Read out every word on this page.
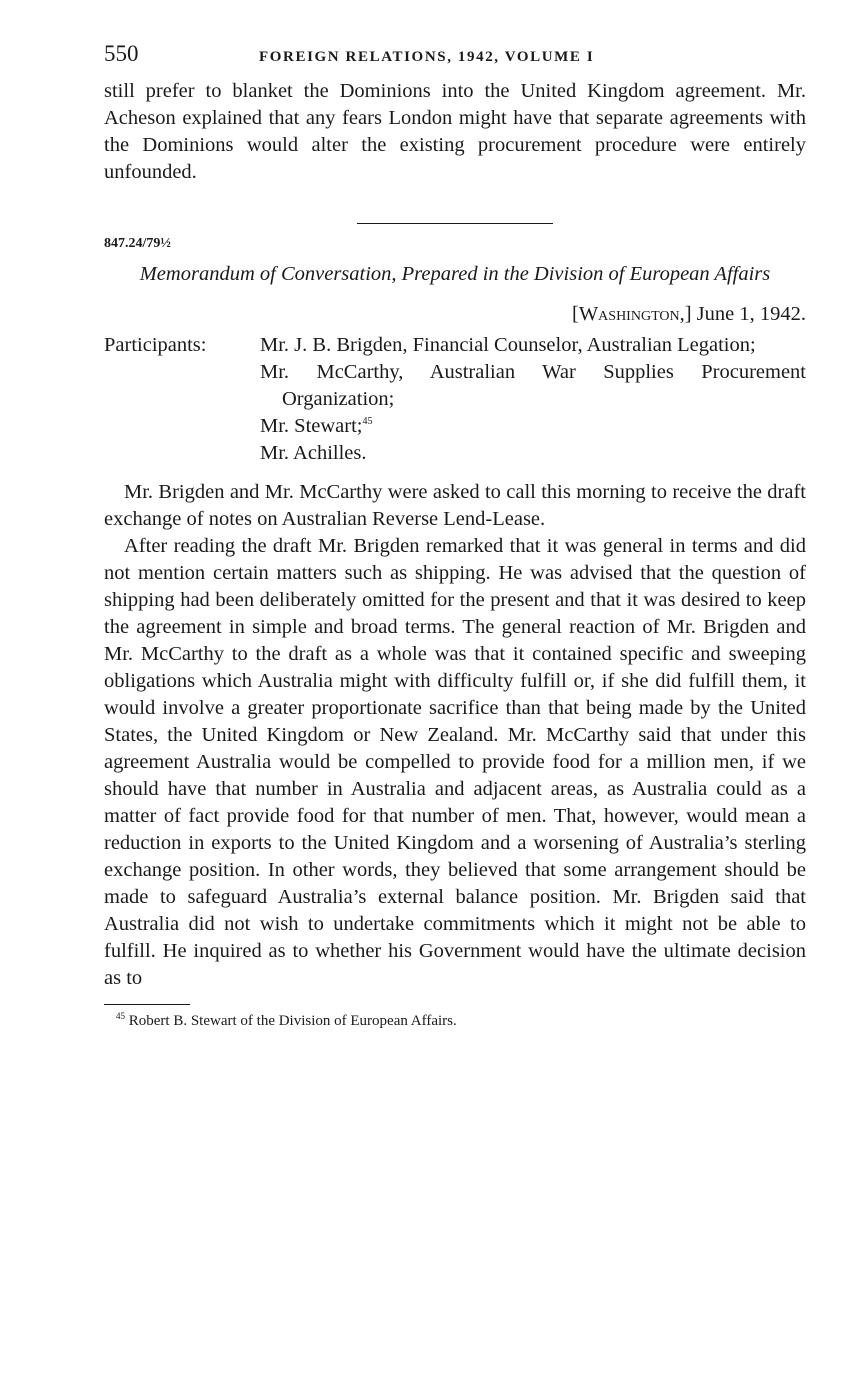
550	FOREIGN RELATIONS, 1942, VOLUME I

still prefer to blanket the Dominions into the United Kingdom agreement. Mr. Acheson explained that any fears London might have that separate agreements with the Dominions would alter the existing procurement procedure were entirely unfounded.

847.24/79½
Memorandum of Conversation, Prepared in the Division of European Affairs
[Washington,] June 1, 1942.
Participants:	Mr. J. B. Brigden, Financial Counselor, Australian Legation;
Mr. McCarthy, Australian War Supplies Procurement Organization;
Mr. Stewart;$^{45}$
Mr. Achilles.

Mr. Brigden and Mr. McCarthy were asked to call this morning to receive the draft exchange of notes on Australian Reverse Lend-Lease.

After reading the draft Mr. Brigden remarked that it was general in terms and did not mention certain matters such as shipping. He was advised that the question of shipping had been deliberately omitted for the present and that it was desired to keep the agreement in simple and broad terms. The general reaction of Mr. Brigden and Mr. McCarthy to the draft as a whole was that it contained specific and sweeping obligations which Australia might with difficulty fulfill or, if she did fulfill them, it would involve a greater proportionate sacrifice than that being made by the United States, the United Kingdom or New Zealand. Mr. McCarthy said that under this agreement Australia would be compelled to provide food for a million men, if we should have that number in Australia and adjacent areas, as Australia could as a matter of fact provide food for that number of men. That, however, would mean a reduction in exports to the United Kingdom and a worsening of Australia’s sterling exchange position. In other words, they believed that some arrangement should be made to safeguard Australia’s external balance position. Mr. Brigden said that Australia did not wish to undertake commitments which it might not be able to fulfill. He inquired as to whether his Government would have the ultimate decision as to

$^{45}$ Robert B. Stewart of the Division of European Affairs.
